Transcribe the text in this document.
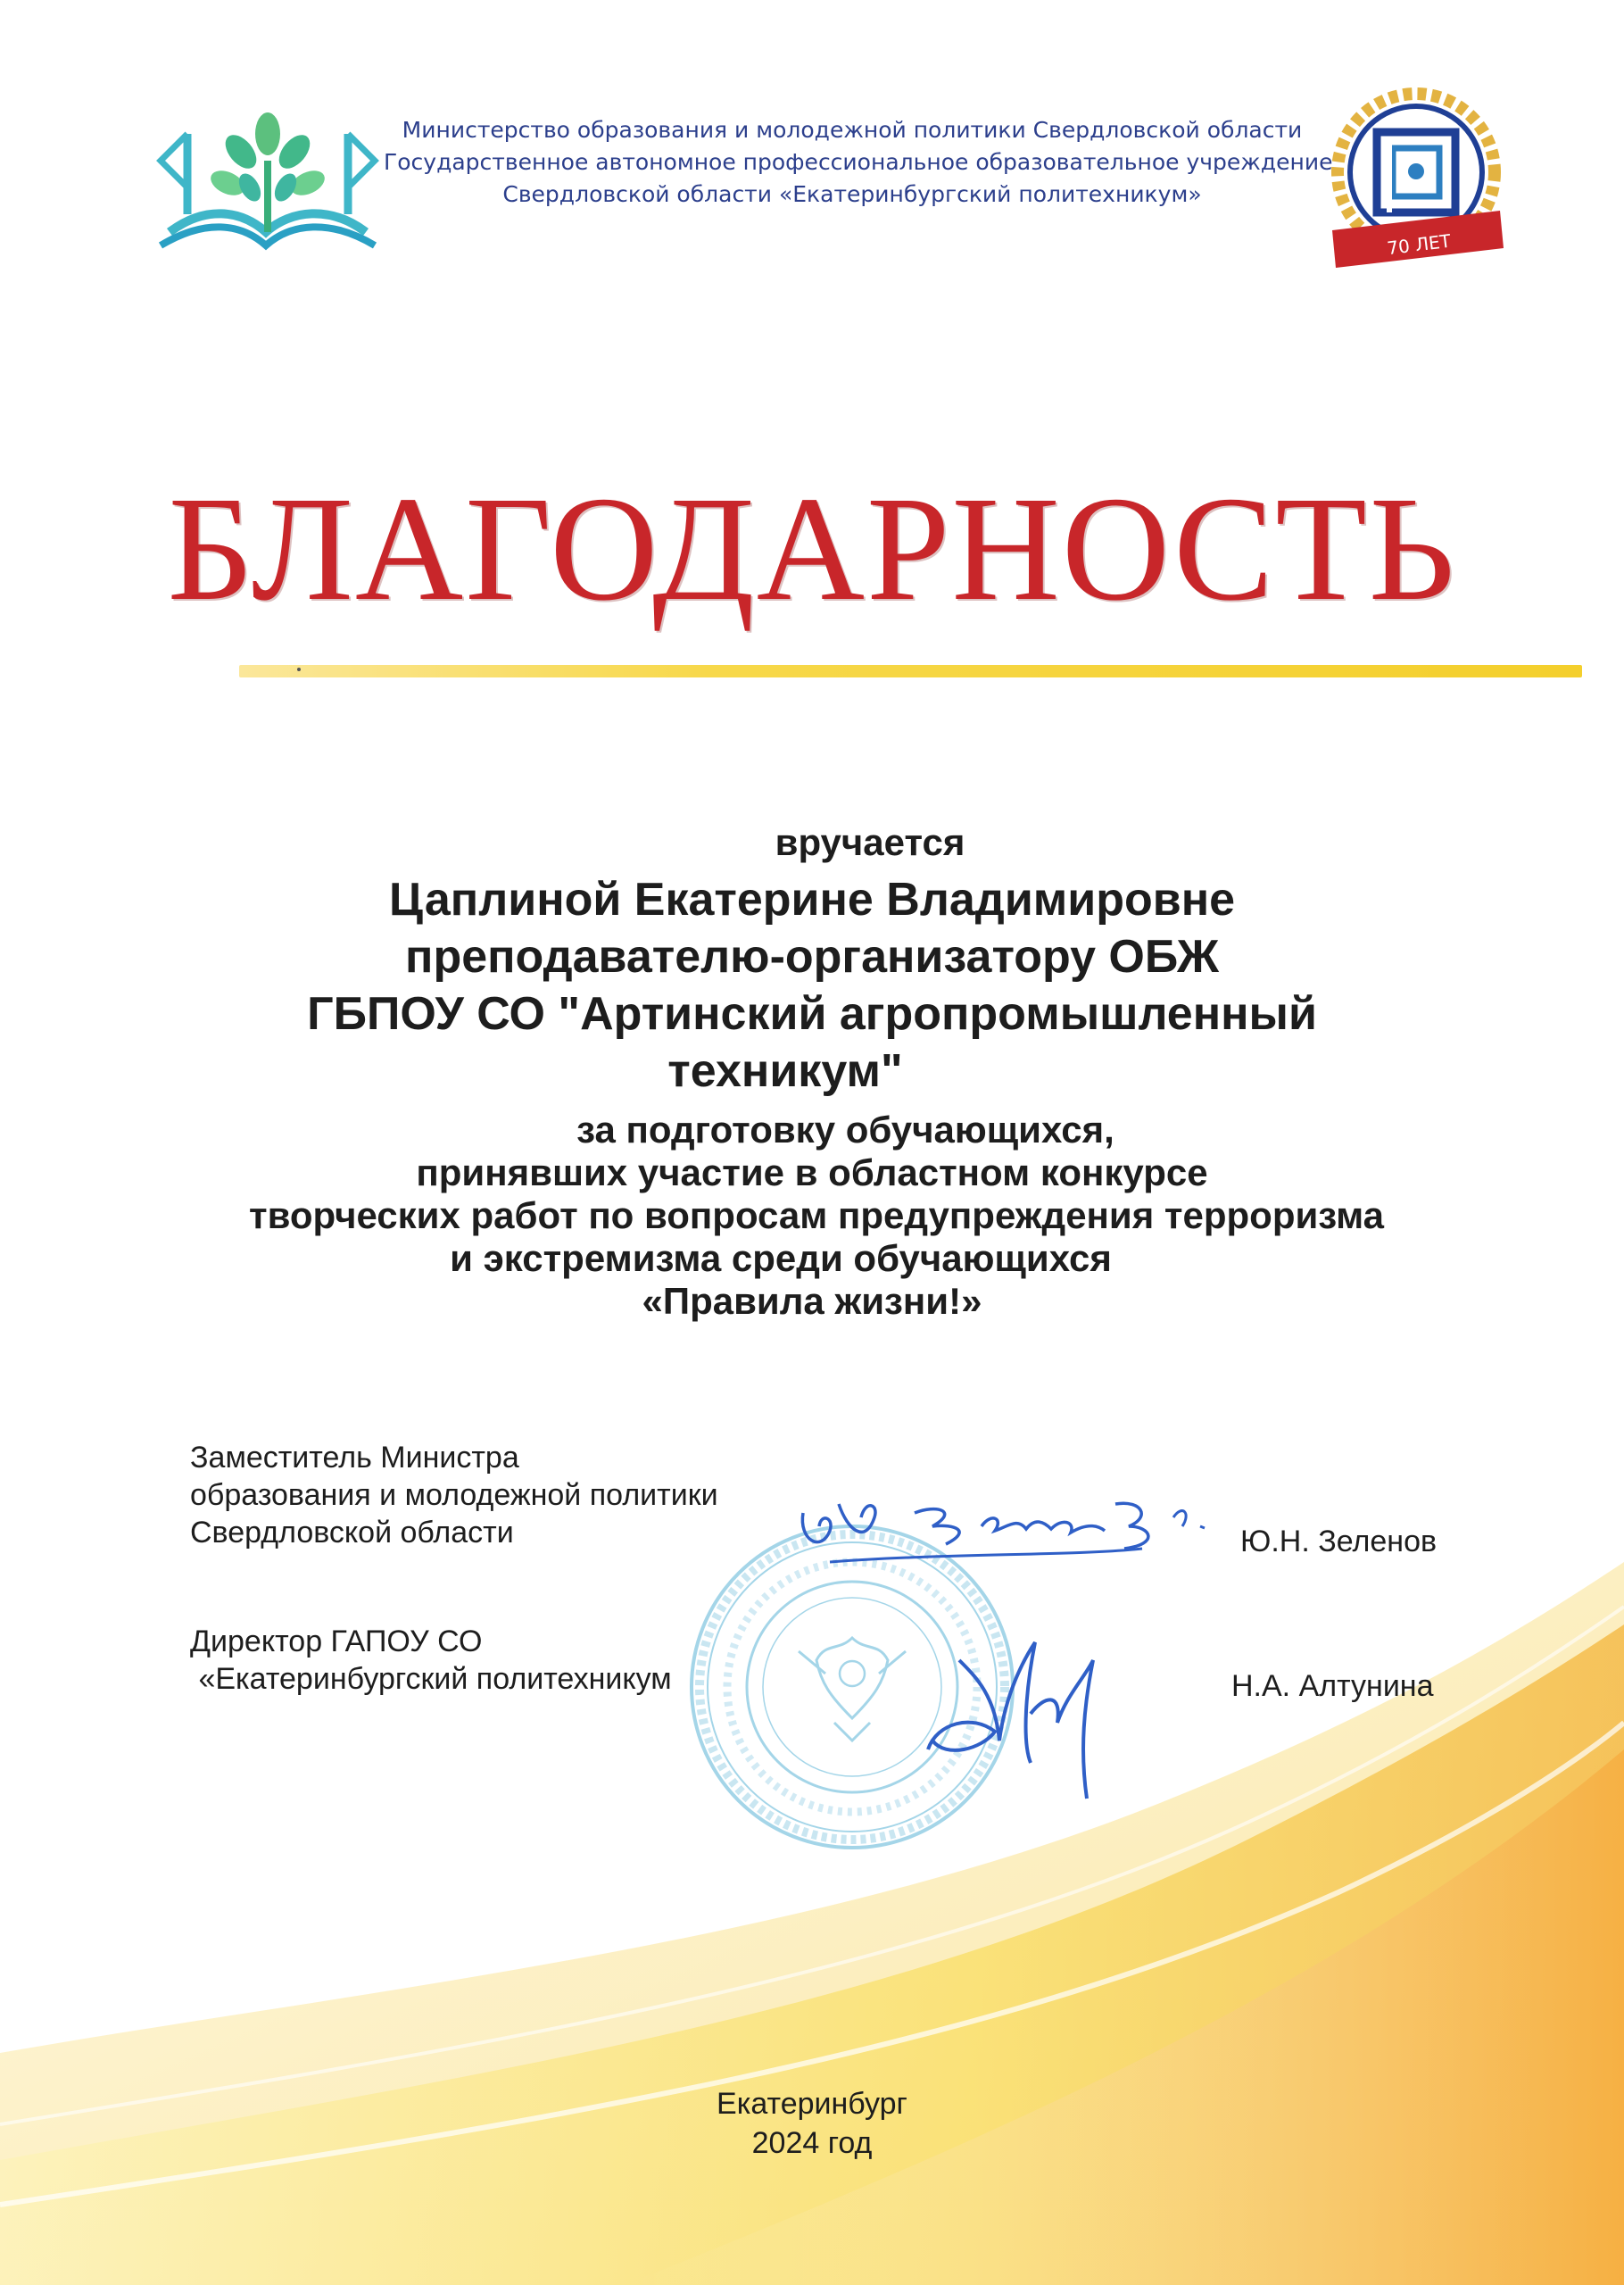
Министерство образования и молодежной политики Свердловской области
Государственное автономное профессиональное образовательное учреждение
Свердловской области «Екатеринбургский политехникум»
70 ЛЕТ
БЛАГОДАРНОСТЬ
вручается
Цаплиной Екатерине Владимировне
преподавателю-организатору ОБЖ
ГБПОУ СО "Артинский агропромышленный
техникум"
за подготовку обучающихся,
принявших участие в областном конкурсе
творческих работ по вопросам предупреждения терроризма
и экстремизма среди обучающихся
«Правила жизни!»
Заместитель Министра
образования и молодежной политики
Свердловской области	Ю.Н. Зеленов
Директор ГАПОУ СО
«Екатеринбургский политехникум	Н.А. Алтунина
Екатеринбург
2024 год
